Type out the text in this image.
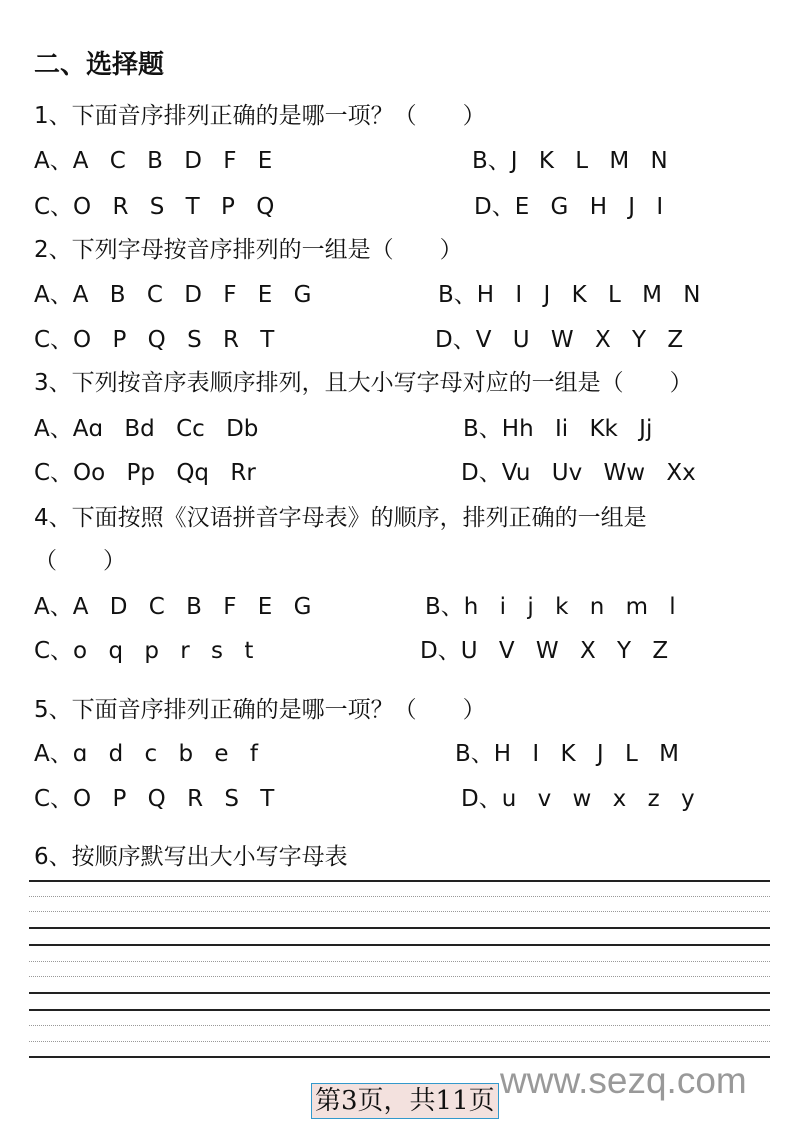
二、选择题
1、下面音序排列正确的是哪一项？（　　）
A、A C B D F E	B、J K L M N
C、O R S T P Q	D、E G H J I
2、下列字母按音序排列的一组是（　　）
A、A B C D F E G	B、H I J K L M N
C、O P Q S R T	D、V U W X Y Z
3、下列按音序表顺序排列，且大小写字母对应的一组是（　　）
A、Aɑ Bd Cc Db	B、Hh Ii Kk Jj
C、Oo Pp Qq Rr	D、Vu Uv Ww Xx
4、下面按照《汉语拼音字母表》的顺序，排列正确的一组是
（　　）
A、A D C B F E G	B、h i j k n m l
C、o q p r s t	D、U V W X Y Z
5、下面音序排列正确的是哪一项？（　　）
A、ɑ d c b e f	B、H I K J L M
C、O P Q R S T	D、u v w x z y
6、按顺序默写出大小写字母表
www.sezq.com
第3页，共11页
